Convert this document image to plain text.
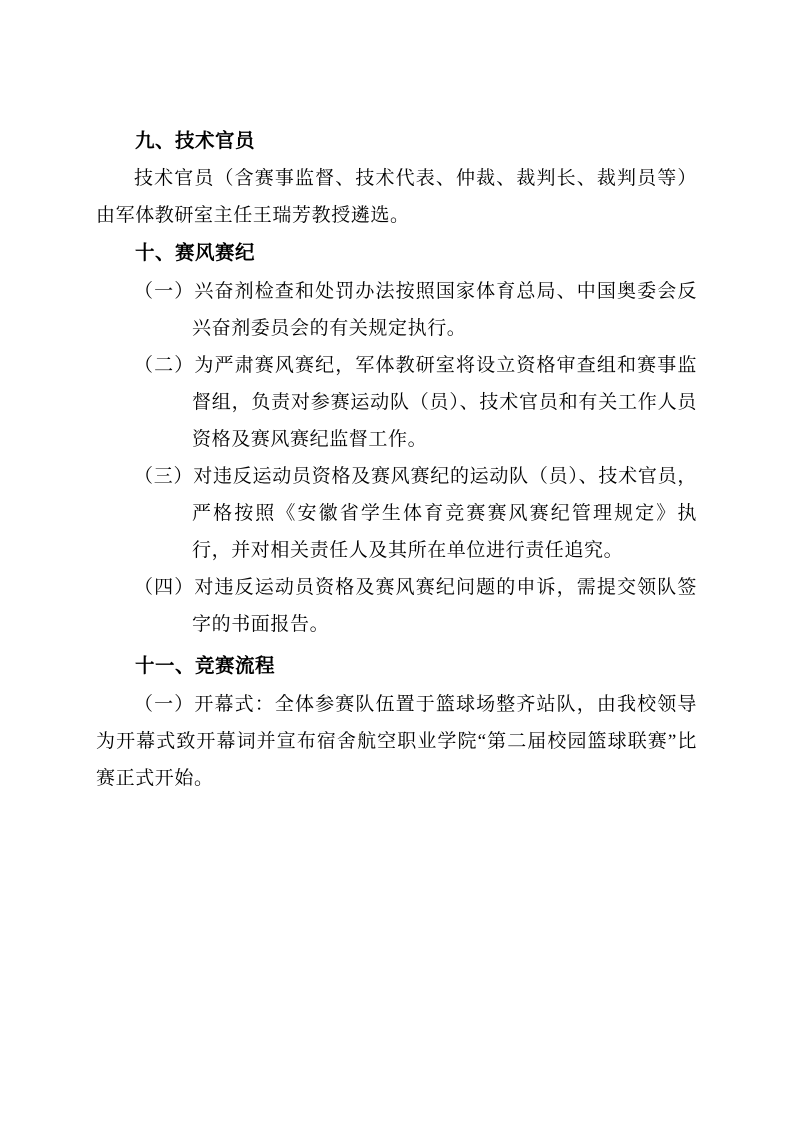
九、技术官员

技术官员（含赛事监督、技术代表、仲裁、裁判长、裁判员等）由军体教研室主任王瑞芳教授遴选。

十、赛风赛纪

（一）兴奋剂检查和处罚办法按照国家体育总局、中国奥委会反兴奋剂委员会的有关规定执行。

（二）为严肃赛风赛纪，军体教研室将设立资格审查组和赛事监督组，负责对参赛运动队（员）、技术官员和有关工作人员资格及赛风赛纪监督工作。

（三）对违反运动员资格及赛风赛纪的运动队（员）、技术官员，严格按照《安徽省学生体育竞赛赛风赛纪管理规定》执行，并对相关责任人及其所在单位进行责任追究。

（四）对违反运动员资格及赛风赛纪问题的申诉，需提交领队签字的书面报告。

十一、竞赛流程

（一）开幕式：全体参赛队伍置于篮球场整齐站队，由我校领导为开幕式致开幕词并宣布宿舍航空职业学院“第二届校园篮球联赛”比赛正式开始。
